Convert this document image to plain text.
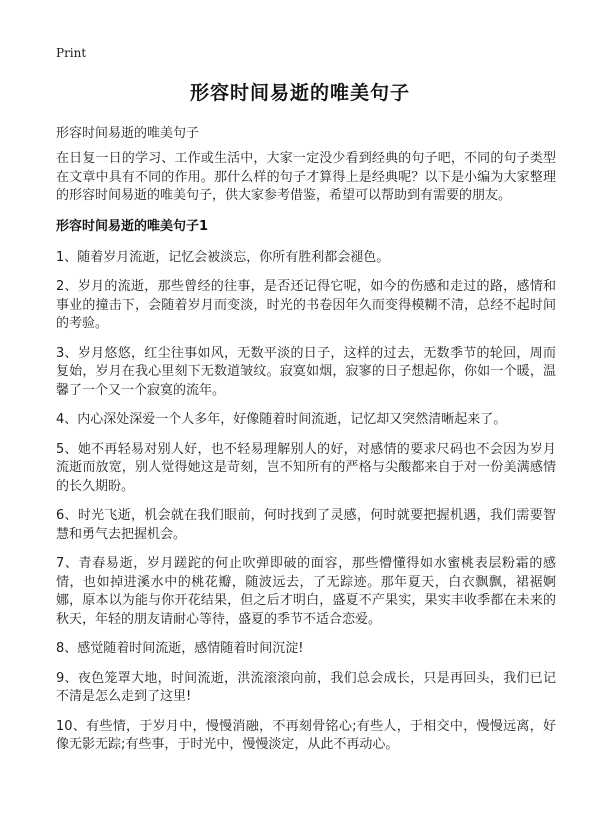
Print
形容时间易逝的唯美句子
形容时间易逝的唯美句子

在日复一日的学习、工作或生活中，大家一定没少看到经典的句子吧，不同的句子类型在文章中具有不同的作用。那什么样的句子才算得上是经典呢？以下是小编为大家整理的形容时间易逝的唯美句子，供大家参考借鉴，希望可以帮助到有需要的朋友。

形容时间易逝的唯美句子1

1、随着岁月流逝，记忆会被淡忘，你所有胜利都会褪色。

2、岁月的流逝，那些曾经的往事，是否还记得它呢，如今的伤感和走过的路，感情和事业的撞击下，会随着岁月而变淡，时光的书卷因年久而变得模糊不清，总经不起时间的考验。

3、岁月悠悠，红尘往事如风，无数平淡的日子，这样的过去，无数季节的轮回，周而复始，岁月在我心里刻下无数道皱纹。寂寞如烟，寂寥的日子想起你，你如一个暖，温馨了一个又一个寂寞的流年。

4、内心深处深爱一个人多年，好像随着时间流逝，记忆却又突然清晰起来了。

5、她不再轻易对别人好，也不轻易理解别人的好，对感情的要求尺码也不会因为岁月流逝而放宽，别人觉得她这是苛刻，岂不知所有的严格与尖酸都来自于对一份美满感情的长久期盼。

6、时光飞逝，机会就在我们眼前，何时找到了灵感，何时就要把握机遇，我们需要智慧和勇气去把握机会。

7、青春易逝，岁月蹉跎的何止吹弹即破的面容，那些懵懂得如水蜜桃表层粉霜的感情，也如掉进溪水中的桃花瓣，随波远去，了无踪迹。那年夏天，白衣飘飘，裙裾婀娜，原本以为能与你开花结果，但之后才明白，盛夏不产果实，果实丰收季都在未来的秋天，年轻的朋友请耐心等待，盛夏的季节不适合恋爱。

8、感觉随着时间流逝，感情随着时间沉淀!

9、夜色笼罩大地，时间流逝，洪流滚滚向前，我们总会成长，只是再回头，我们已记不清是怎么走到了这里!

10、有些情，于岁月中，慢慢消融，不再刻骨铭心;有些人，于相交中，慢慢远离，好像无影无踪;有些事，于时光中，慢慢淡定，从此不再动心。
